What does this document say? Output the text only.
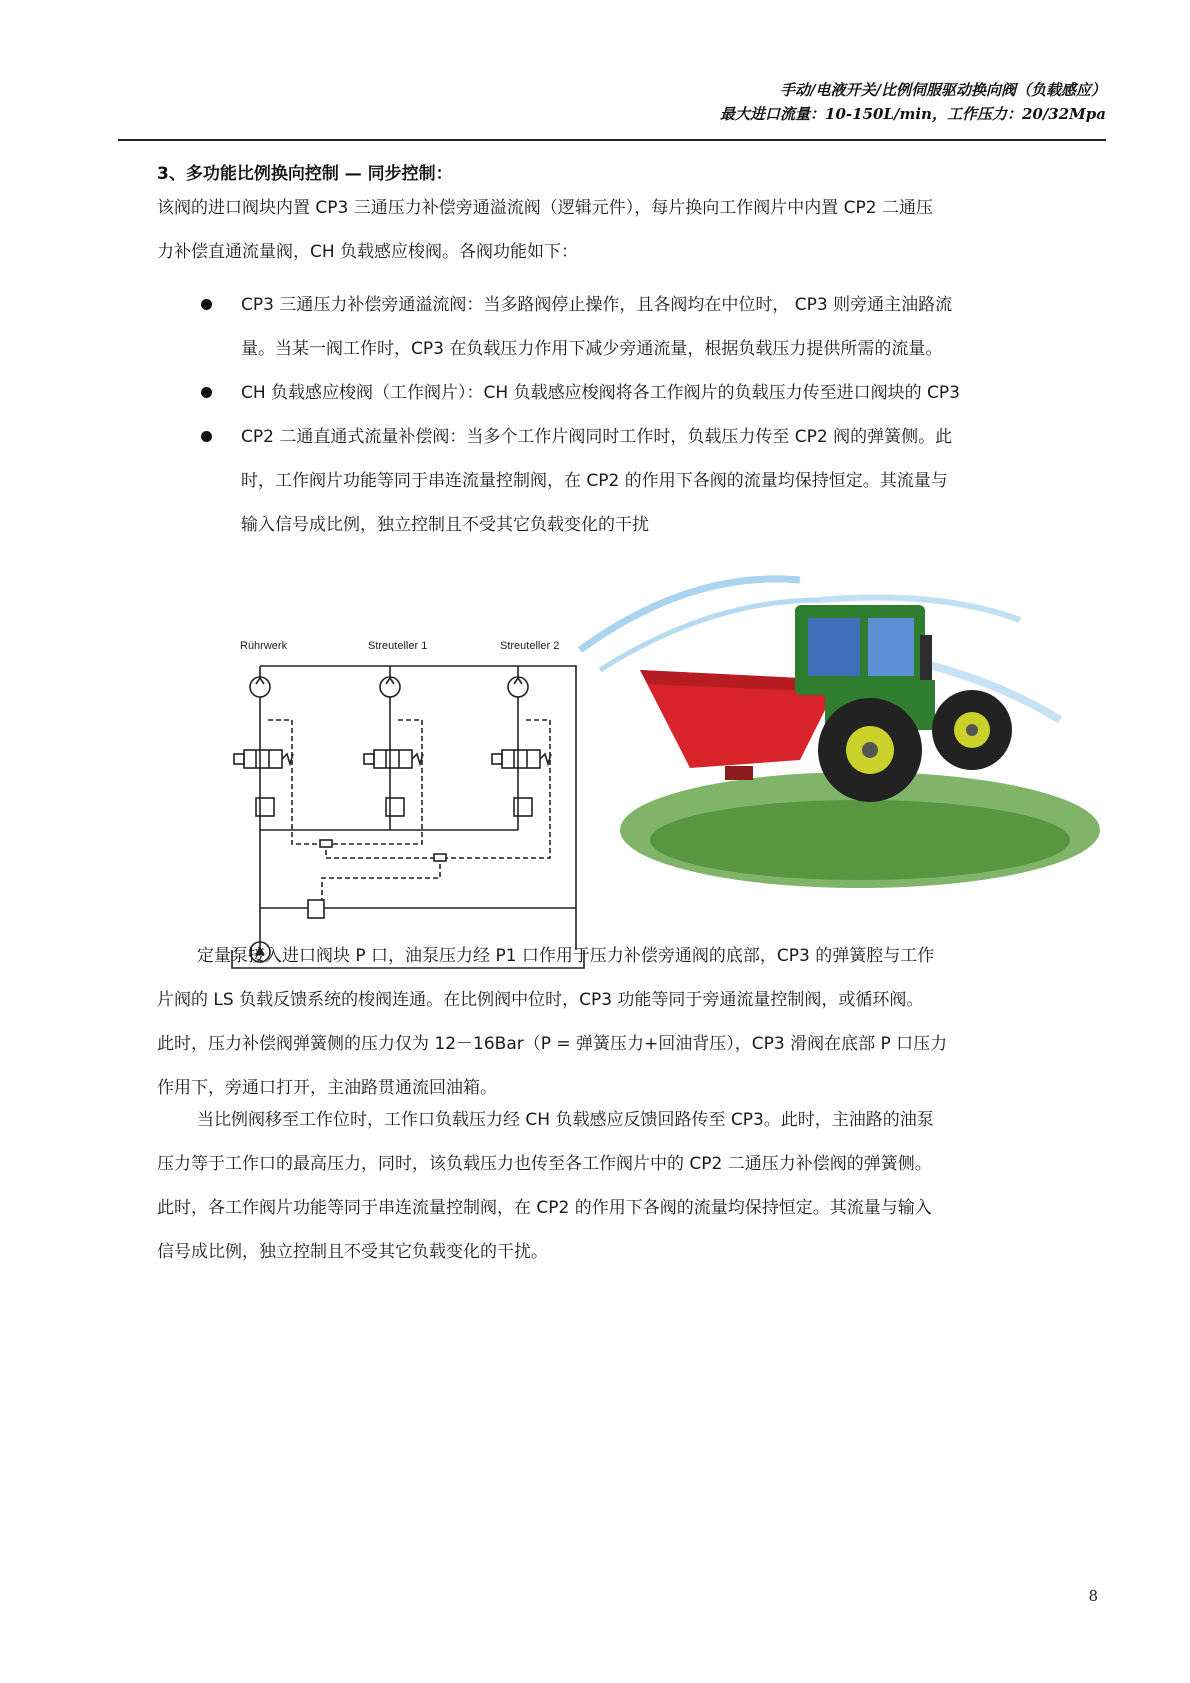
手动/电液开关/比例伺服驱动换向阀（负载感应）
最大进口流量：10-150L/min，工作压力：20/32Mpa
3、多功能比例换向控制 — 同步控制：
该阀的进口阀块内置 CP3 三通压力补偿旁通溢流阀（逻辑元件），每片换向工作阀片中内置 CP2 二通压
力补偿直通流量阀，CH 负载感应梭阀。各阀功能如下：
CP3 三通压力补偿旁通溢流阀：当多路阀停止操作，且各阀均在中位时， CP3 则旁通主油路流
量。当某一阀工作时，CP3 在负载压力作用下减少旁通流量，根据负载压力提供所需的流量。
CH 负载感应梭阀（工作阀片）：CH 负载感应梭阀将各工作阀片的负载压力传至进口阀块的 CP3
CP2 二通直通式流量补偿阀：当多个工作片阀同时工作时，负载压力传至 CP2 阀的弹簧侧。此
时，工作阀片功能等同于串连流量控制阀，在 CP2 的作用下各阀的流量均保持恒定。其流量与
输入信号成比例，独立控制且不受其它负载变化的干扰
Rührwerk	Streuteller 1	Streuteller 2
定量泵接入进口阀块 P 口，油泵压力经 P1 口作用于压力补偿旁通阀的底部，CP3 的弹簧腔与工作
片阀的 LS 负载反馈系统的梭阀连通。在比例阀中位时，CP3 功能等同于旁通流量控制阀，或循环阀。
此时，压力补偿阀弹簧侧的压力仅为 12－16Bar（P = 弹簧压力+回油背压），CP3 滑阀在底部 P 口压力
作用下，旁通口打开，主油路贯通流回油箱。
当比例阀移至工作位时，工作口负载压力经 CH 负载感应反馈回路传至 CP3。此时，主油路的油泵
压力等于工作口的最高压力，同时，该负载压力也传至各工作阀片中的 CP2 二通压力补偿阀的弹簧侧。
此时，各工作阀片功能等同于串连流量控制阀，在 CP2 的作用下各阀的流量均保持恒定。其流量与输入
信号成比例，独立控制且不受其它负载变化的干扰。
8
